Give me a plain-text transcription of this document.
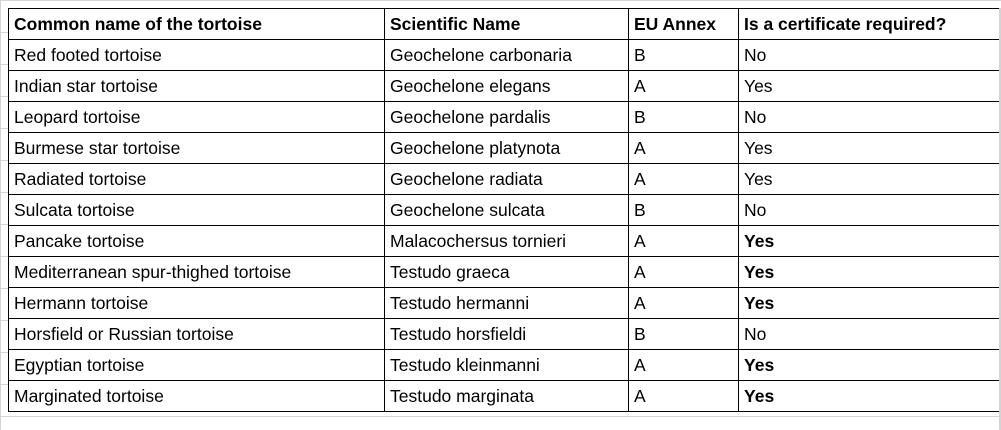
Common name of the tortoise	Scientific Name	EU Annex	Is a certificate required?
Red footed tortoise	Geochelone carbonaria	B	No
Indian star tortoise	Geochelone elegans	A	Yes
Leopard tortoise	Geochelone pardalis	B	No
Burmese star tortoise	Geochelone platynota	A	Yes
Radiated tortoise	Geochelone radiata	A	Yes
Sulcata tortoise	Geochelone sulcata	B	No
Pancake tortoise	Malacochersus tornieri	A	Yes
Mediterranean spur-thighed tortoise	Testudo graeca	A	Yes
Hermann tortoise	Testudo hermanni	A	Yes
Horsfield or Russian tortoise	Testudo horsfieldi	B	No
Egyptian tortoise	Testudo kleinmanni	A	Yes
Marginated tortoise	Testudo marginata	A	Yes
